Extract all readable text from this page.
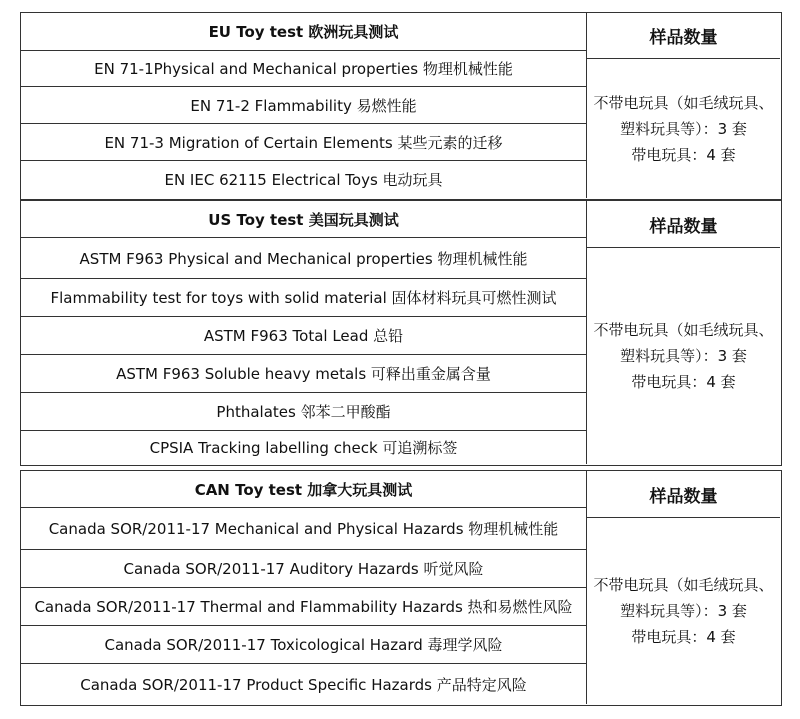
EU Toy test 欧洲玩具测试	样品数量
EN 71-1Physical and Mechanical properties 物理机械性能
EN 71-2 Flammability 易燃性能
EN 71-3 Migration of Certain Elements 某些元素的迁移
EN IEC 62115 Electrical Toys 电动玩具
不带电玩具（如毛绒玩具、
塑料玩具等）：3 套
带电玩具：4 套
US Toy test 美国玩具测试	样品数量
ASTM F963 Physical and Mechanical properties 物理机械性能
Flammability test for toys with solid material 固体材料玩具可燃性测试
ASTM F963 Total Lead 总铅
ASTM F963 Soluble heavy metals 可释出重金属含量
Phthalates 邻苯二甲酸酯
CPSIA Tracking labelling check 可追溯标签
不带电玩具（如毛绒玩具、
塑料玩具等）：3 套
带电玩具：4 套
CAN Toy test 加拿大玩具测试	样品数量
Canada SOR/2011-17 Mechanical and Physical Hazards 物理机械性能
Canada SOR/2011-17 Auditory Hazards 听觉风险
Canada SOR/2011-17 Thermal and Flammability Hazards 热和易燃性风险
Canada SOR/2011-17 Toxicological Hazard 毒理学风险
Canada SOR/2011-17 Product Specific Hazards 产品特定风险
不带电玩具（如毛绒玩具、
塑料玩具等）：3 套
带电玩具：4 套
